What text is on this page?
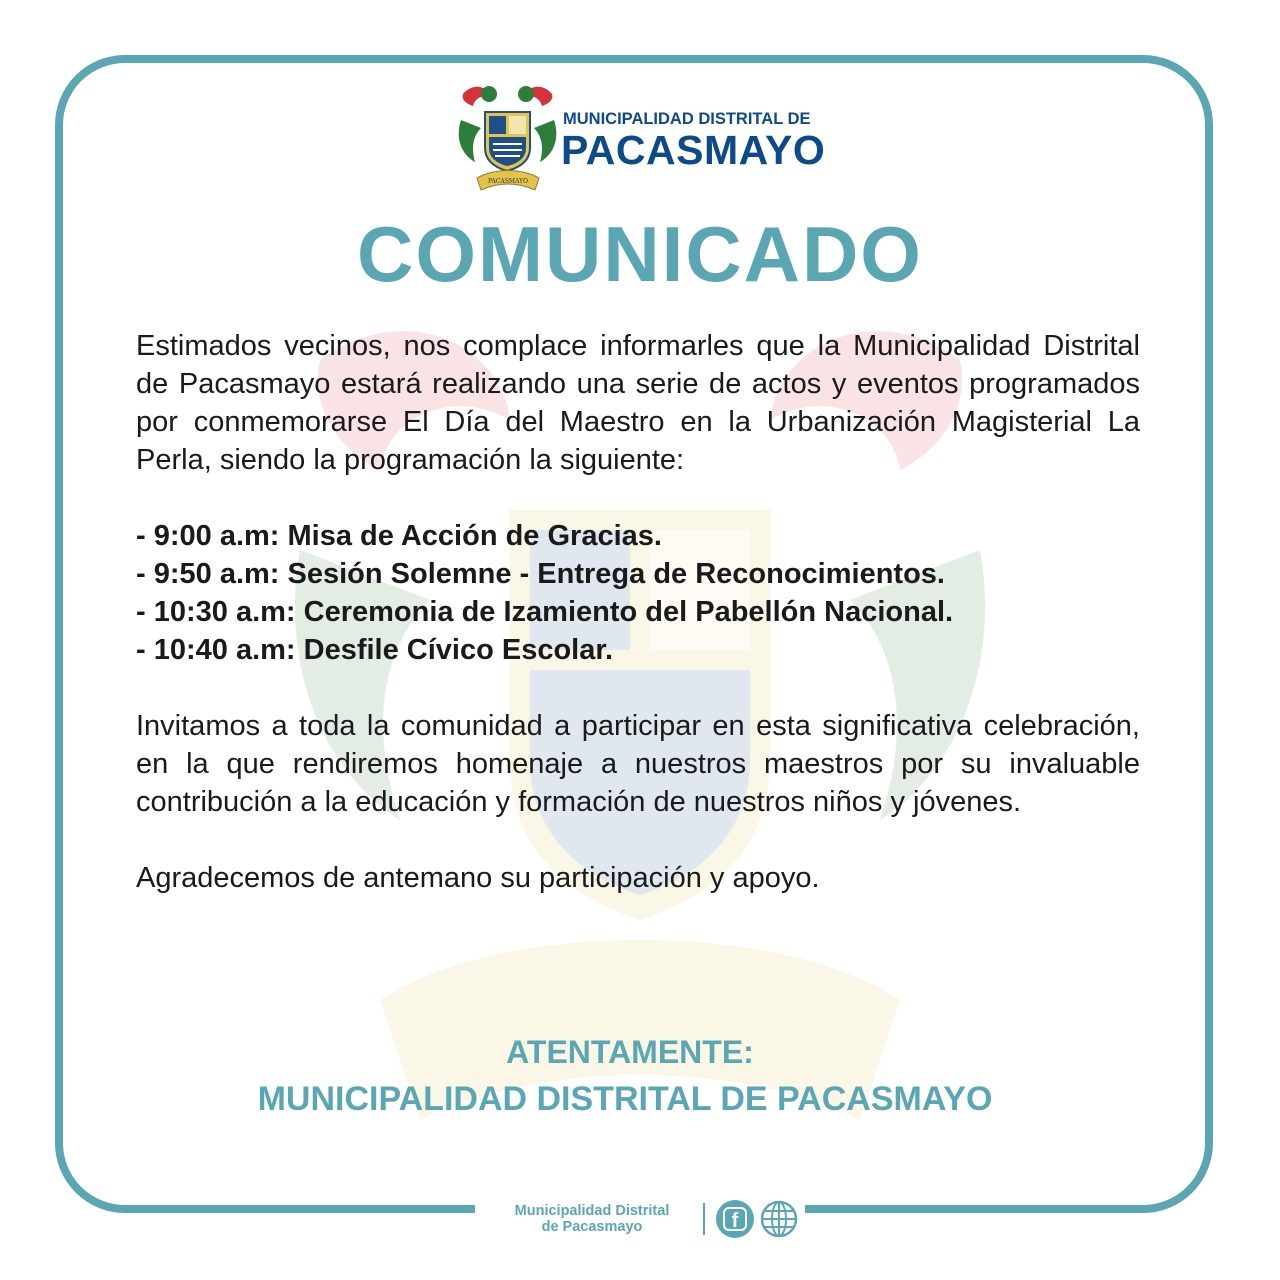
PACASMAYO
MUNICIPALIDAD DISTRITAL DE
PACASMAYO
COMUNICADO

Estimados vecinos, nos complace informarles que la Municipalidad Distrital de Pacasmayo estará realizando una serie de actos y eventos programados por conmemorarse El Día del Maestro en la Urbanización Magisterial La Perla, siendo la programación la siguiente:

- 9:00 a.m: Misa de Acción de Gracias.
- 9:50 a.m: Sesión Solemne - Entrega de Reconocimientos.
- 10:30 a.m: Ceremonia de Izamiento del Pabellón Nacional.
- 10:40 a.m: Desfile Cívico Escolar.

Invitamos a toda la comunidad a participar en esta significativa celebración, en la que rendiremos homenaje a nuestros maestros por su invaluable contribución a la educación y formación de nuestros niños y jóvenes.

Agradecemos de antemano su participación y apoyo.

ATENTAMENTE:
MUNICIPALIDAD DISTRITAL DE PACASMAYO
Municipalidad Distrital
de Pacasmayo	f
